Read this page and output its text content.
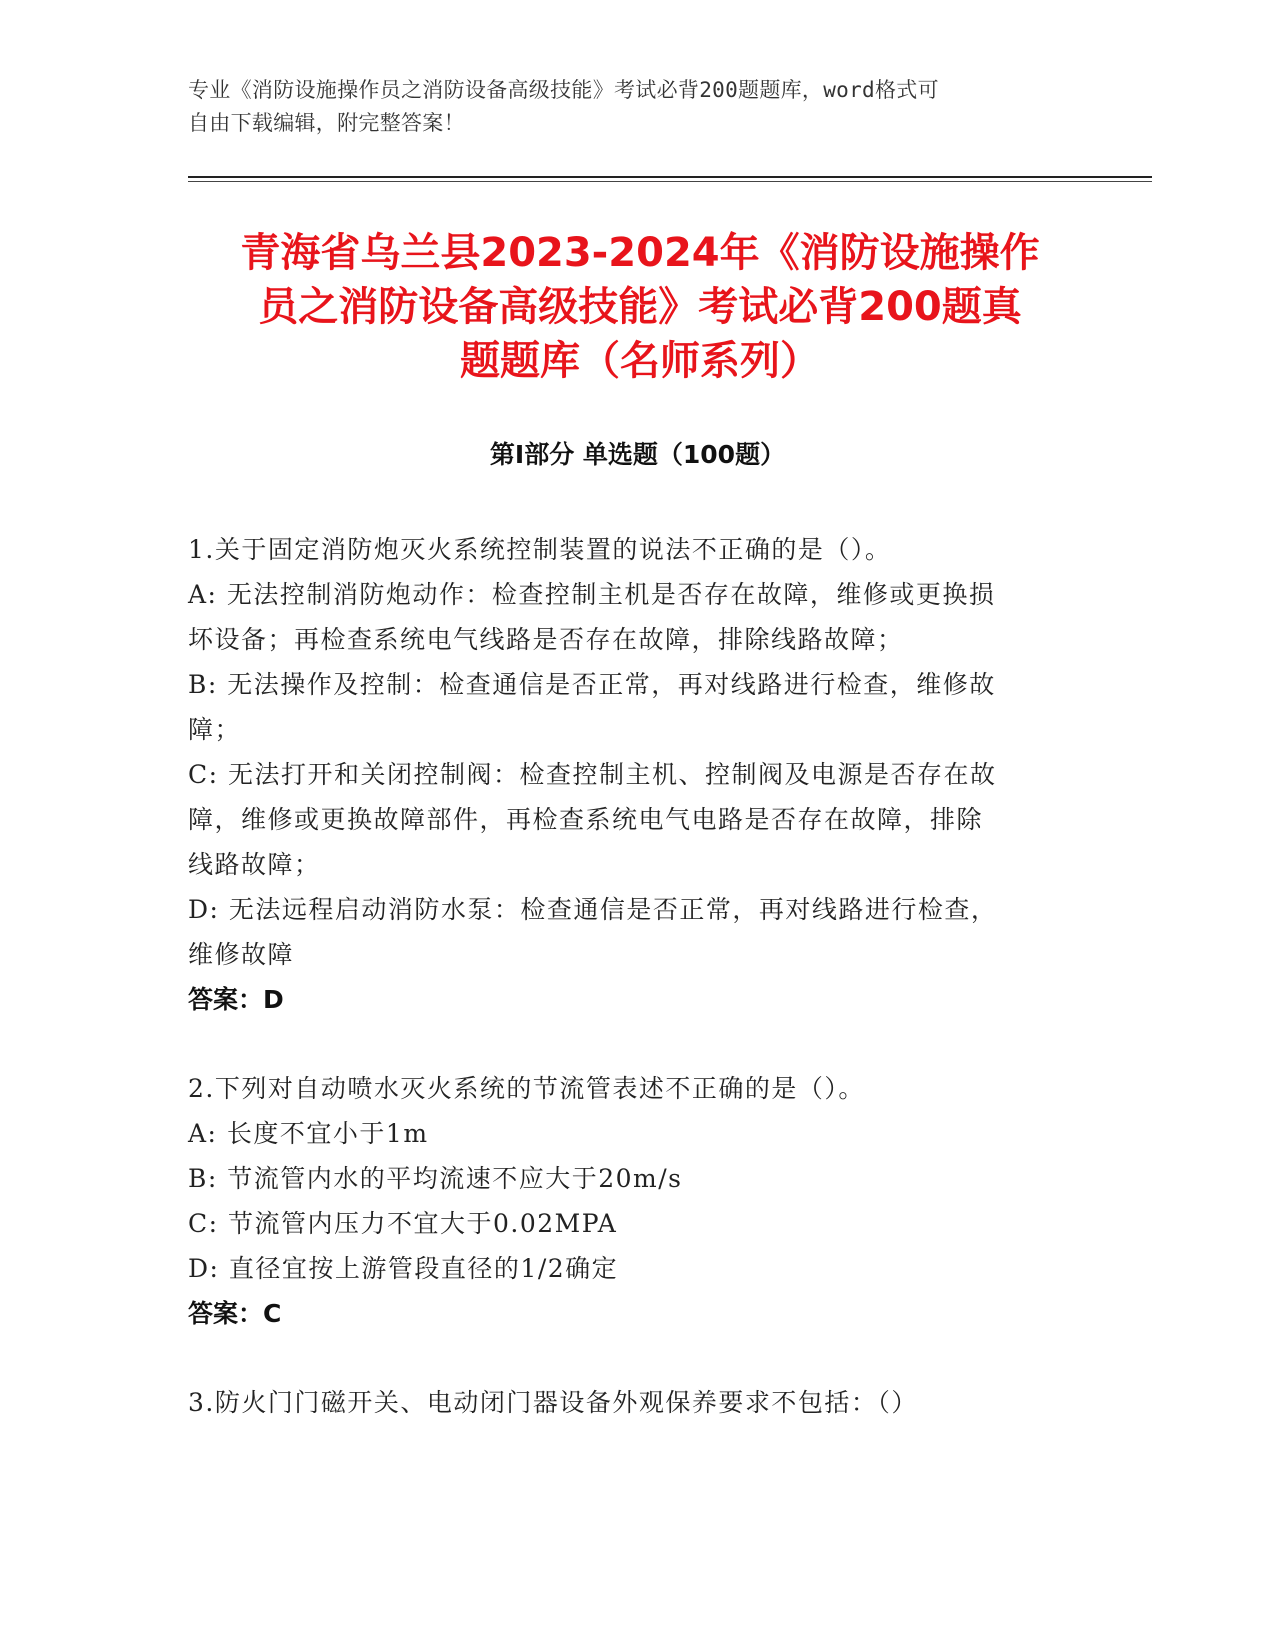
专业《消防设施操作员之消防设备高级技能》考试必背200题题库，word格式可
自由下载编辑，附完整答案！
青海省乌兰县2023-2024年《消防设施操作
员之消防设备高级技能》考试必背200题真
题题库（名师系列）
第Ⅰ部分 单选题（100题）
1.关于固定消防炮灭火系统控制装置的说法不正确的是（）。
A: 无法控制消防炮动作：检查控制主机是否存在故障，维修或更换损
坏设备；再检查系统电气线路是否存在故障，排除线路故障；
B: 无法操作及控制：检查通信是否正常，再对线路进行检查，维修故
障；
C: 无法打开和关闭控制阀：检查控制主机、控制阀及电源是否存在故
障，维修或更换故障部件，再检查系统电气电路是否存在故障，排除
线路故障；
D: 无法远程启动消防水泵：检查通信是否正常，再对线路进行检查，
维修故障
答案：D
2.下列对自动喷水灭火系统的节流管表述不正确的是（）。
A: 长度不宜小于1m
B: 节流管内水的平均流速不应大于20m/s
C: 节流管内压力不宜大于0.02MPA
D: 直径宜按上游管段直径的1/2确定
答案：C
3.防火门门磁开关、电动闭门器设备外观保养要求不包括：（）
